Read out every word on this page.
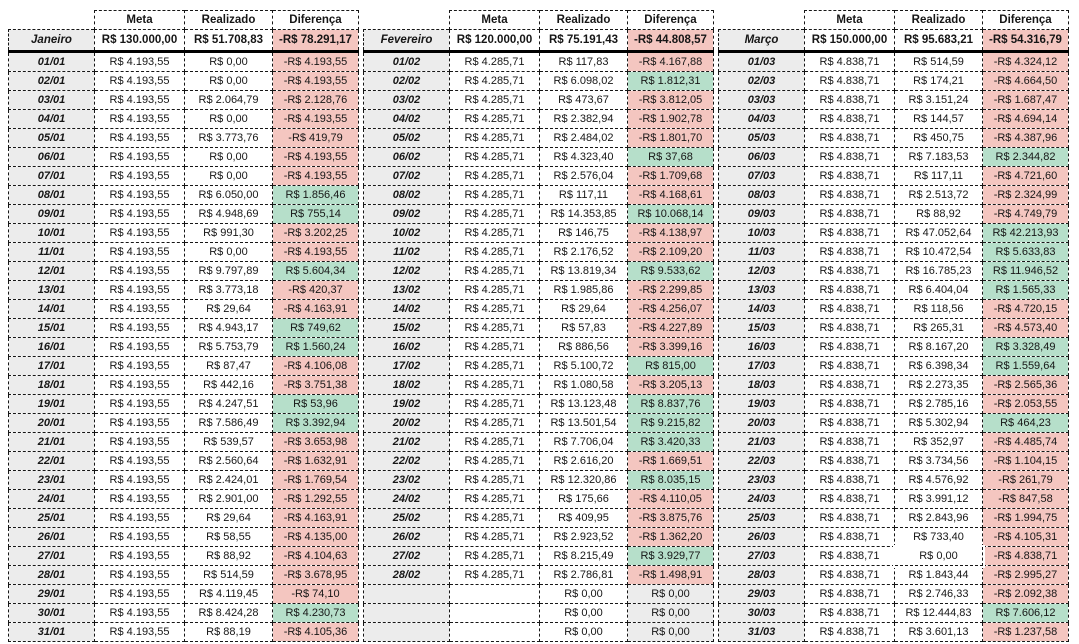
	Meta	Realizado	Diferença
Janeiro	R$ 130.000,00	R$ 51.708,83	-R$ 78.291,17
01/01	R$ 4.193,55	R$ 0,00	-R$ 4.193,55
02/01	R$ 4.193,55	R$ 0,00	-R$ 4.193,55
03/01	R$ 4.193,55	R$ 2.064,79	-R$ 2.128,76
04/01	R$ 4.193,55	R$ 0,00	-R$ 4.193,55
05/01	R$ 4.193,55	R$ 3.773,76	-R$ 419,79
06/01	R$ 4.193,55	R$ 0,00	-R$ 4.193,55
07/01	R$ 4.193,55	R$ 0,00	-R$ 4.193,55
08/01	R$ 4.193,55	R$ 6.050,00	R$ 1.856,46
09/01	R$ 4.193,55	R$ 4.948,69	R$ 755,14
10/01	R$ 4.193,55	R$ 991,30	-R$ 3.202,25
11/01	R$ 4.193,55	R$ 0,00	-R$ 4.193,55
12/01	R$ 4.193,55	R$ 9.797,89	R$ 5.604,34
13/01	R$ 4.193,55	R$ 3.773,18	-R$ 420,37
14/01	R$ 4.193,55	R$ 29,64	-R$ 4.163,91
15/01	R$ 4.193,55	R$ 4.943,17	R$ 749,62
16/01	R$ 4.193,55	R$ 5.753,79	R$ 1.560,24
17/01	R$ 4.193,55	R$ 87,47	-R$ 4.106,08
18/01	R$ 4.193,55	R$ 442,16	-R$ 3.751,38
19/01	R$ 4.193,55	R$ 4.247,51	R$ 53,96
20/01	R$ 4.193,55	R$ 7.586,49	R$ 3.392,94
21/01	R$ 4.193,55	R$ 539,57	-R$ 3.653,98
22/01	R$ 4.193,55	R$ 2.560,64	-R$ 1.632,91
23/01	R$ 4.193,55	R$ 2.424,01	-R$ 1.769,54
24/01	R$ 4.193,55	R$ 2.901,00	-R$ 1.292,55
25/01	R$ 4.193,55	R$ 29,64	-R$ 4.163,91
26/01	R$ 4.193,55	R$ 58,55	-R$ 4.135,00
27/01	R$ 4.193,55	R$ 88,92	-R$ 4.104,63
28/01	R$ 4.193,55	R$ 514,59	-R$ 3.678,95
29/01	R$ 4.193,55	R$ 4.119,45	-R$ 74,10
30/01	R$ 4.193,55	R$ 8.424,28	R$ 4.230,73
31/01	R$ 4.193,55	R$ 88,19	-R$ 4.105,36
	Meta	Realizado	Diferença
Fevereiro	R$ 120.000,00	R$ 75.191,43	-R$ 44.808,57
01/02	R$ 4.285,71	R$ 117,83	-R$ 4.167,88
02/02	R$ 4.285,71	R$ 6.098,02	R$ 1.812,31
03/02	R$ 4.285,71	R$ 473,67	-R$ 3.812,05
04/02	R$ 4.285,71	R$ 2.382,94	-R$ 1.902,78
05/02	R$ 4.285,71	R$ 2.484,02	-R$ 1.801,70
06/02	R$ 4.285,71	R$ 4.323,40	R$ 37,68
07/02	R$ 4.285,71	R$ 2.576,04	-R$ 1.709,68
08/02	R$ 4.285,71	R$ 117,11	-R$ 4.168,61
09/02	R$ 4.285,71	R$ 14.353,85	R$ 10.068,14
10/02	R$ 4.285,71	R$ 146,75	-R$ 4.138,97
11/02	R$ 4.285,71	R$ 2.176,52	-R$ 2.109,20
12/02	R$ 4.285,71	R$ 13.819,34	R$ 9.533,62
13/02	R$ 4.285,71	R$ 1.985,86	-R$ 2.299,85
14/02	R$ 4.285,71	R$ 29,64	-R$ 4.256,07
15/02	R$ 4.285,71	R$ 57,83	-R$ 4.227,89
16/02	R$ 4.285,71	R$ 886,56	-R$ 3.399,16
17/02	R$ 4.285,71	R$ 5.100,72	R$ 815,00
18/02	R$ 4.285,71	R$ 1.080,58	-R$ 3.205,13
19/02	R$ 4.285,71	R$ 13.123,48	R$ 8.837,76
20/02	R$ 4.285,71	R$ 13.501,54	R$ 9.215,82
21/02	R$ 4.285,71	R$ 7.706,04	R$ 3.420,33
22/02	R$ 4.285,71	R$ 2.616,20	-R$ 1.669,51
23/02	R$ 4.285,71	R$ 12.320,86	R$ 8.035,15
24/02	R$ 4.285,71	R$ 175,66	-R$ 4.110,05
25/02	R$ 4.285,71	R$ 409,95	-R$ 3.875,76
26/02	R$ 4.285,71	R$ 2.923,52	-R$ 1.362,20
27/02	R$ 4.285,71	R$ 8.215,49	R$ 3.929,77
28/02	R$ 4.285,71	R$ 2.786,81	-R$ 1.498,91
		R$ 0,00	R$ 0,00
		R$ 0,00	R$ 0,00
		R$ 0,00	R$ 0,00
	Meta	Realizado	Diferença
Março	R$ 150.000,00	R$ 95.683,21	-R$ 54.316,79
01/03	R$ 4.838,71	R$ 514,59	-R$ 4.324,12
02/03	R$ 4.838,71	R$ 174,21	-R$ 4.664,50
03/03	R$ 4.838,71	R$ 3.151,24	-R$ 1.687,47
04/03	R$ 4.838,71	R$ 144,57	-R$ 4.694,14
05/03	R$ 4.838,71	R$ 450,75	-R$ 4.387,96
06/03	R$ 4.838,71	R$ 7.183,53	R$ 2.344,82
07/03	R$ 4.838,71	R$ 117,11	-R$ 4.721,60
08/03	R$ 4.838,71	R$ 2.513,72	-R$ 2.324,99
09/03	R$ 4.838,71	R$ 88,92	-R$ 4.749,79
10/03	R$ 4.838,71	R$ 47.052,64	R$ 42.213,93
11/03	R$ 4.838,71	R$ 10.472,54	R$ 5.633,83
12/03	R$ 4.838,71	R$ 16.785,23	R$ 11.946,52
13/03	R$ 4.838,71	R$ 6.404,04	R$ 1.565,33
14/03	R$ 4.838,71	R$ 118,56	-R$ 4.720,15
15/03	R$ 4.838,71	R$ 265,31	-R$ 4.573,40
16/03	R$ 4.838,71	R$ 8.167,20	R$ 3.328,49
17/03	R$ 4.838,71	R$ 6.398,34	R$ 1.559,64
18/03	R$ 4.838,71	R$ 2.273,35	-R$ 2.565,36
19/03	R$ 4.838,71	R$ 2.785,16	-R$ 2.053,55
20/03	R$ 4.838,71	R$ 5.302,94	R$ 464,23
21/03	R$ 4.838,71	R$ 352,97	-R$ 4.485,74
22/03	R$ 4.838,71	R$ 3.734,56	-R$ 1.104,15
23/03	R$ 4.838,71	R$ 4.576,92	-R$ 261,79
24/03	R$ 4.838,71	R$ 3.991,12	-R$ 847,58
25/03	R$ 4.838,71	R$ 2.843,96	-R$ 1.994,75
26/03	R$ 4.838,71	R$ 733,40	-R$ 4.105,31
27/03	R$ 4.838,71	R$ 0,00	-R$ 4.838,71
28/03	R$ 4.838,71	R$ 1.843,44	-R$ 2.995,27
29/03	R$ 4.838,71	R$ 2.746,33	-R$ 2.092,38
30/03	R$ 4.838,71	R$ 12.444,83	R$ 7.606,12
31/03	R$ 4.838,71	R$ 3.601,13	-R$ 1.237,58
